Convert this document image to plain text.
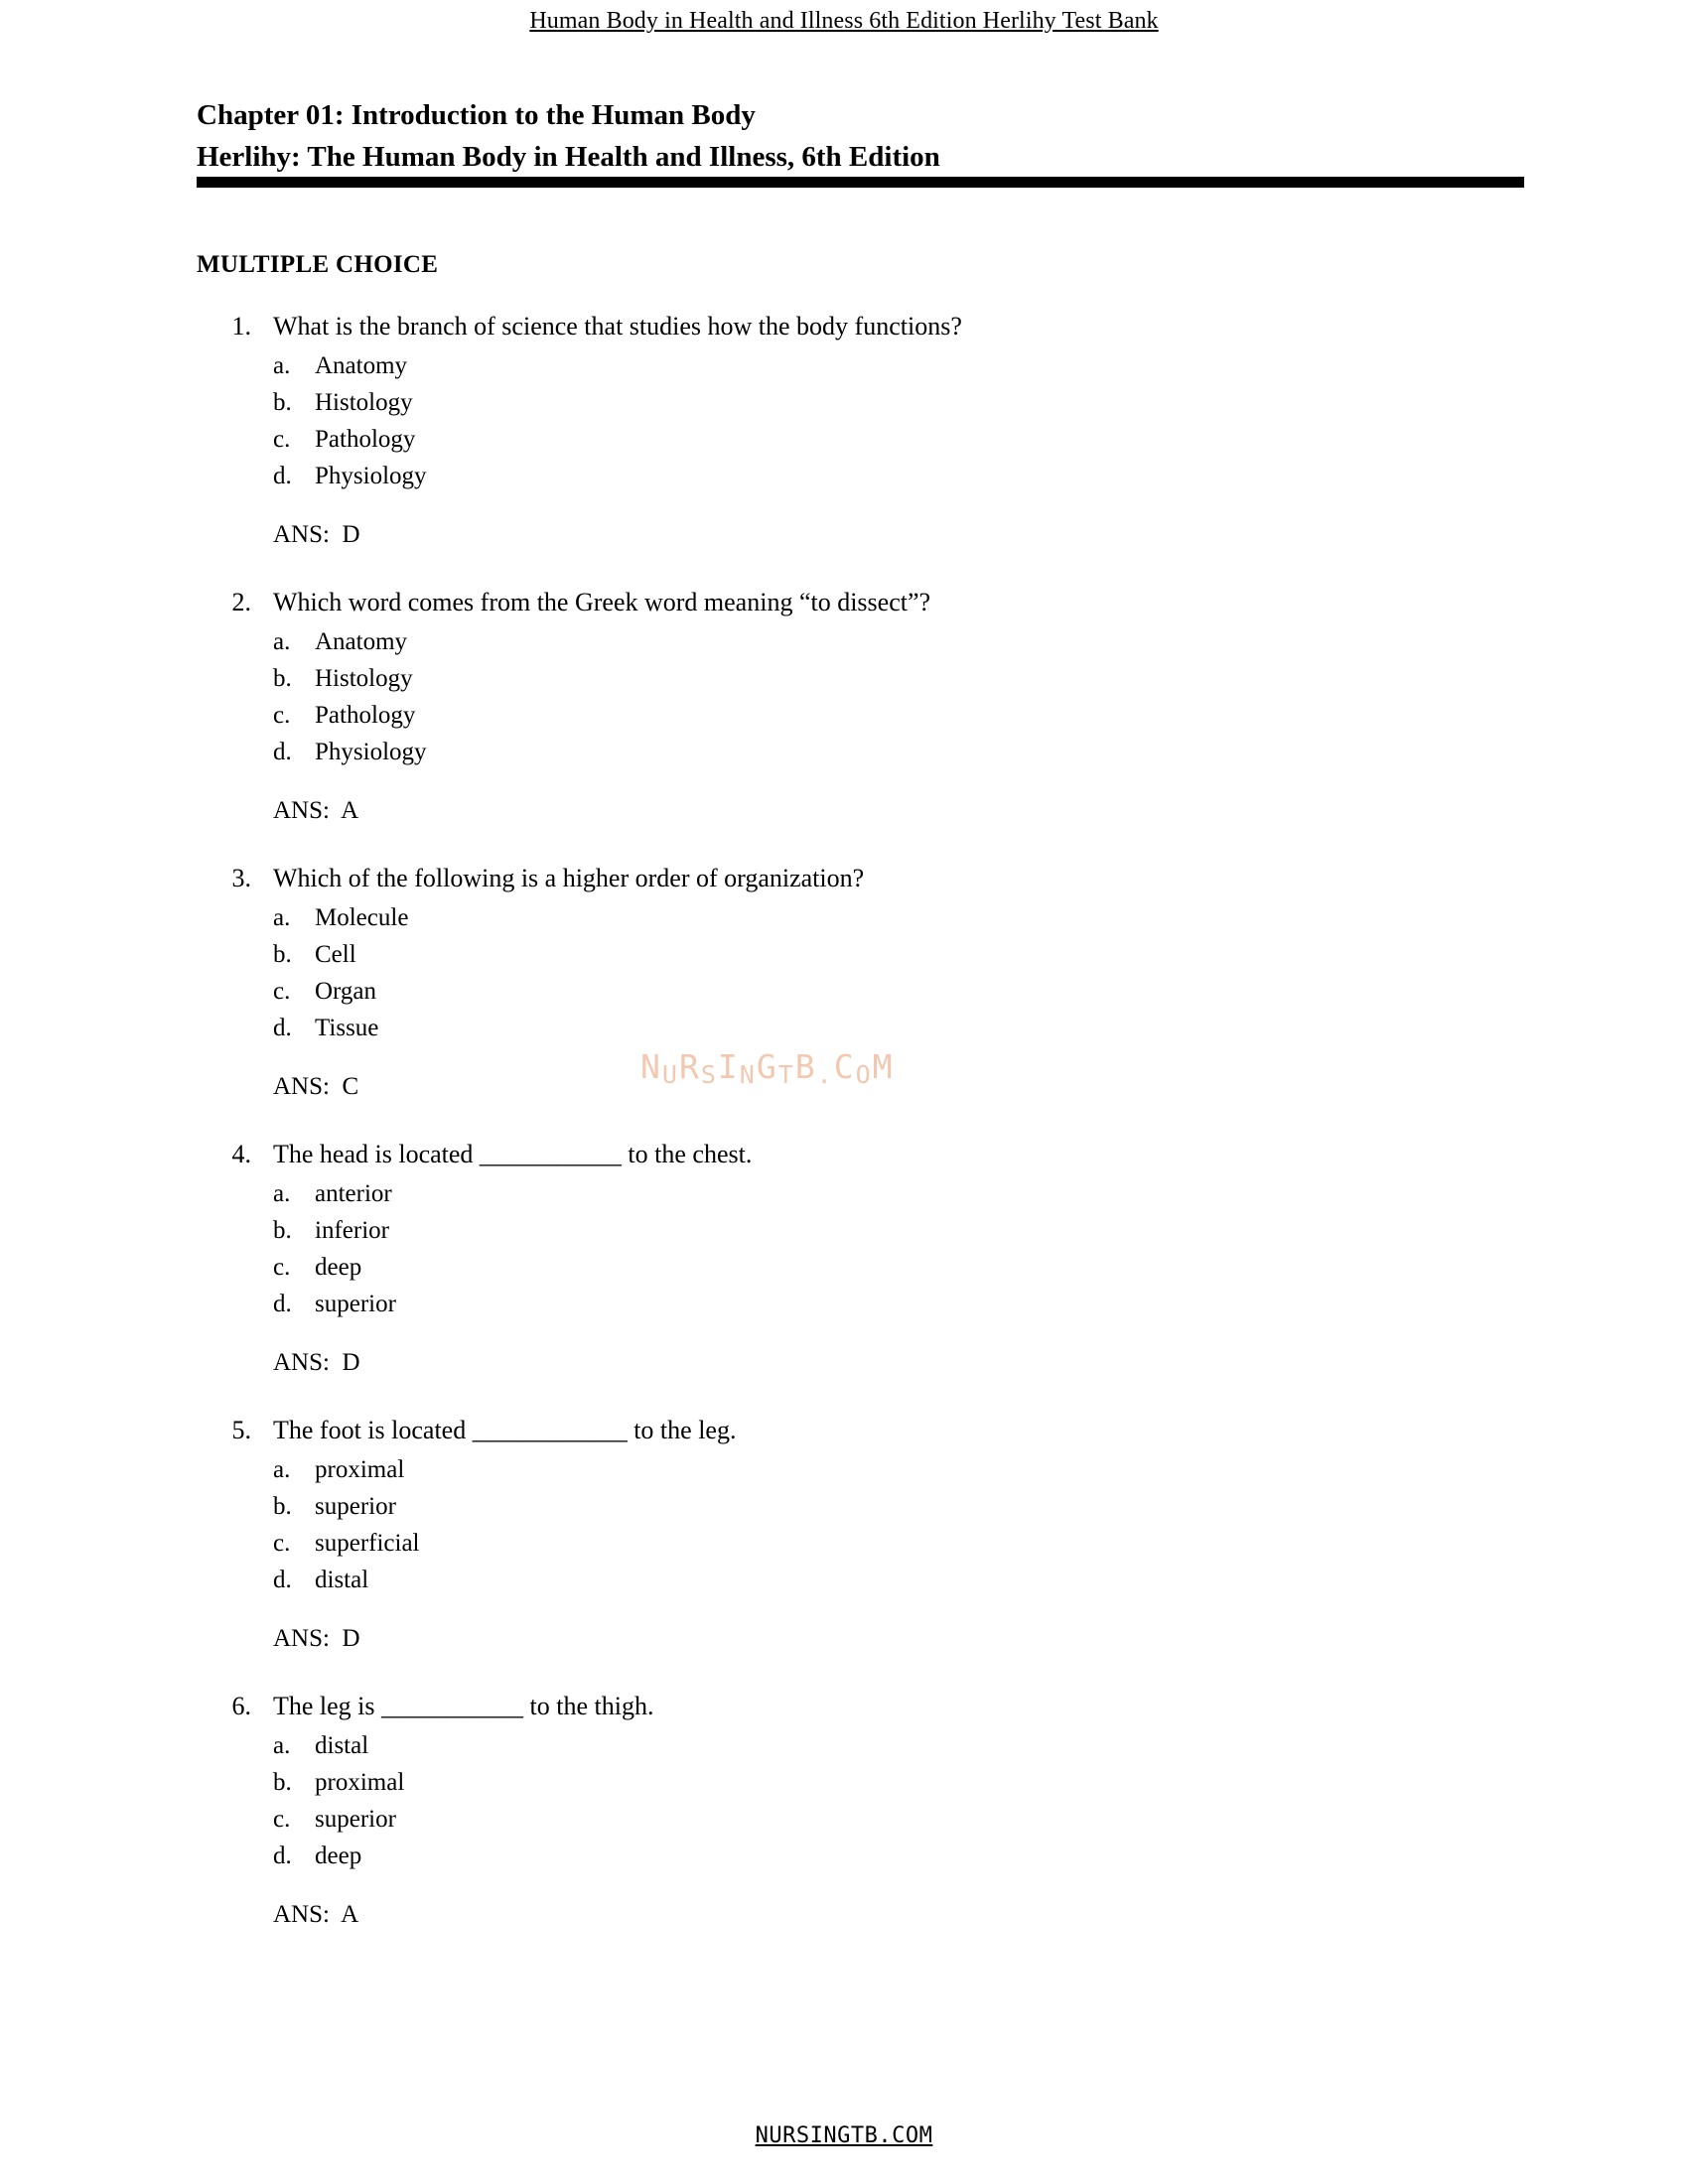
Human Body in Health and Illness 6th Edition Herlihy Test Bank
Chapter 01: Introduction to the Human Body
Herlihy: The Human Body in Health and Illness, 6th Edition
MULTIPLE CHOICE
1. What is the branch of science that studies how the body functions?
a. Anatomy
b. Histology
c. Pathology
d. Physiology
ANS:  D
2. Which word comes from the Greek word meaning “to dissect”?
a. Anatomy
b. Histology
c. Pathology
d. Physiology
ANS:  A
3. Which of the following is a higher order of organization?
a. Molecule
b. Cell
c. Organ
d. Tissue
ANS:  C
4. The head is located ___________ to the chest.
a. anterior
b. inferior
c. deep
d. superior
ANS:  D
5. The foot is located ____________ to the leg.
a. proximal
b. superior
c. superficial
d. distal
ANS:  D
6. The leg is ___________ to the thigh.
a. distal
b. proximal
c. superior
d. deep
ANS:  A
NURSINGTB.COM
NURSINGTB.COM
